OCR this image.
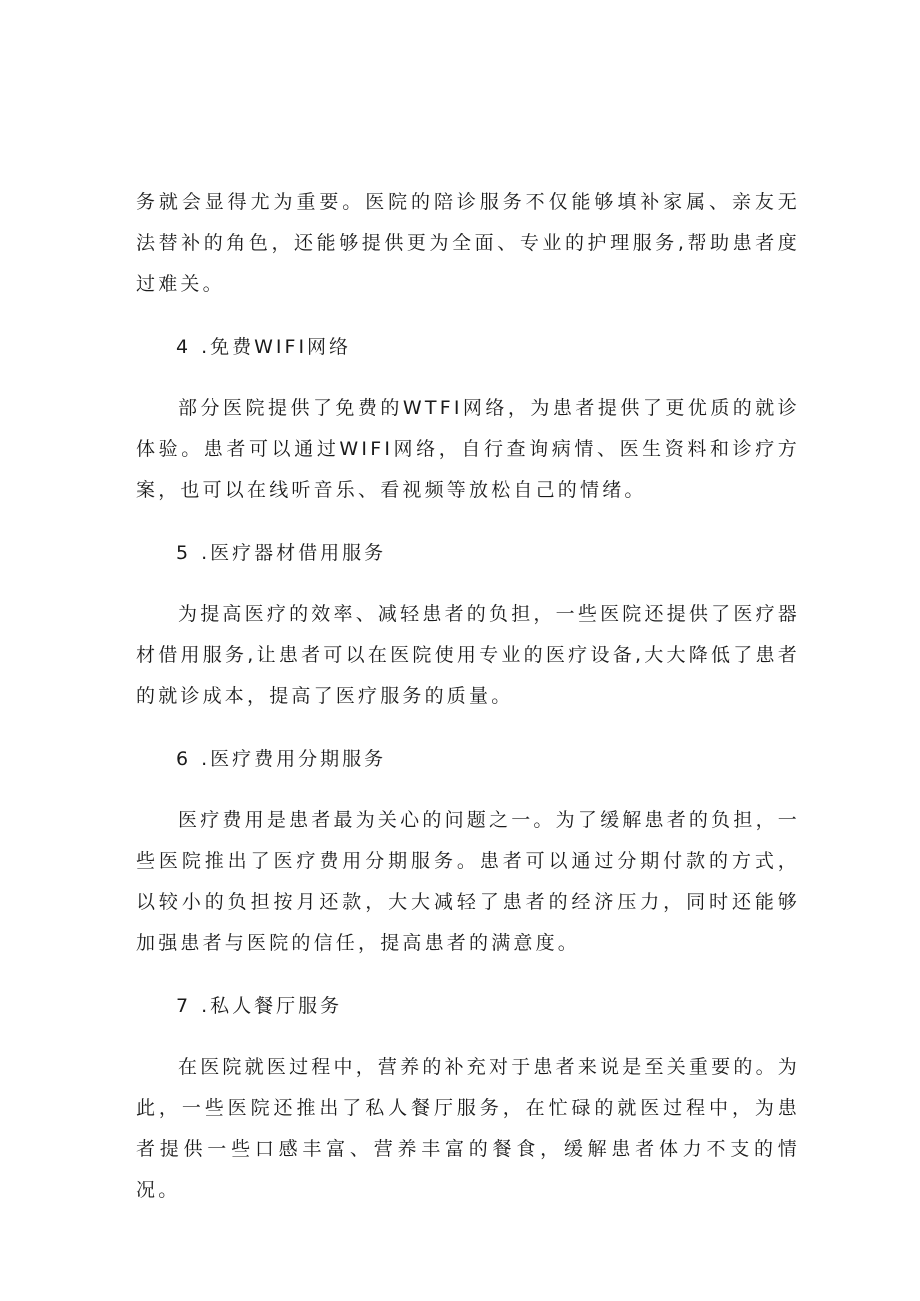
务就会显得尤为重要。医院的陪诊服务不仅能够填补家属、亲友无法替补的角色，还能够提供更为全面、专业的护理服务,帮助患者度过难关。

4 .免费WIFI网络

部分医院提供了免费的WTFI网络，为患者提供了更优质的就诊体验。患者可以通过WIFI网络，自行查询病情、医生资料和诊疗方案，也可以在线听音乐、看视频等放松自己的情绪。

5 .医疗器材借用服务

为提高医疗的效率、减轻患者的负担，一些医院还提供了医疗器材借用服务,让患者可以在医院使用专业的医疗设备,大大降低了患者的就诊成本，提高了医疗服务的质量。

6 .医疗费用分期服务

医疗费用是患者最为关心的问题之一。为了缓解患者的负担，一些医院推出了医疗费用分期服务。患者可以通过分期付款的方式，以较小的负担按月还款，大大减轻了患者的经济压力，同时还能够加强患者与医院的信任，提高患者的满意度。

7 .私人餐厅服务

在医院就医过程中，营养的补充对于患者来说是至关重要的。为此，一些医院还推出了私人餐厅服务，在忙碌的就医过程中，为患者提供一些口感丰富、营养丰富的餐食，缓解患者体力不支的情况。
